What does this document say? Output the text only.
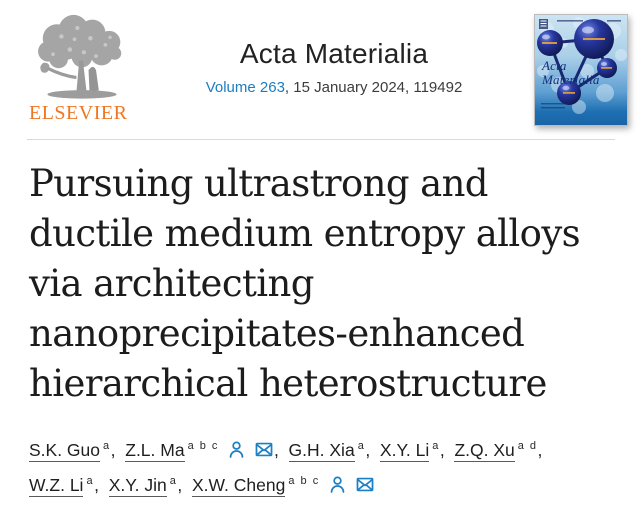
ELSEVIER
Acta Materialia
Volume 263, 15 January 2024, 119492
Acta
Materialia
Pursuing ultrastrong and ductile medium entropy alloys via architecting nanoprecipitates-enhanced hierarchical heterostructure
S.K. Guo $^a$,  Z.L. Ma $^{a b c}$	,  G.H. Xia $^a$,  X.Y. Li $^a$,  Z.Q. Xu $^{a d}$,  W.Z. Li $^a$,  X.Y. Jin $^a$,  X.W. Cheng $^{a b c}$
